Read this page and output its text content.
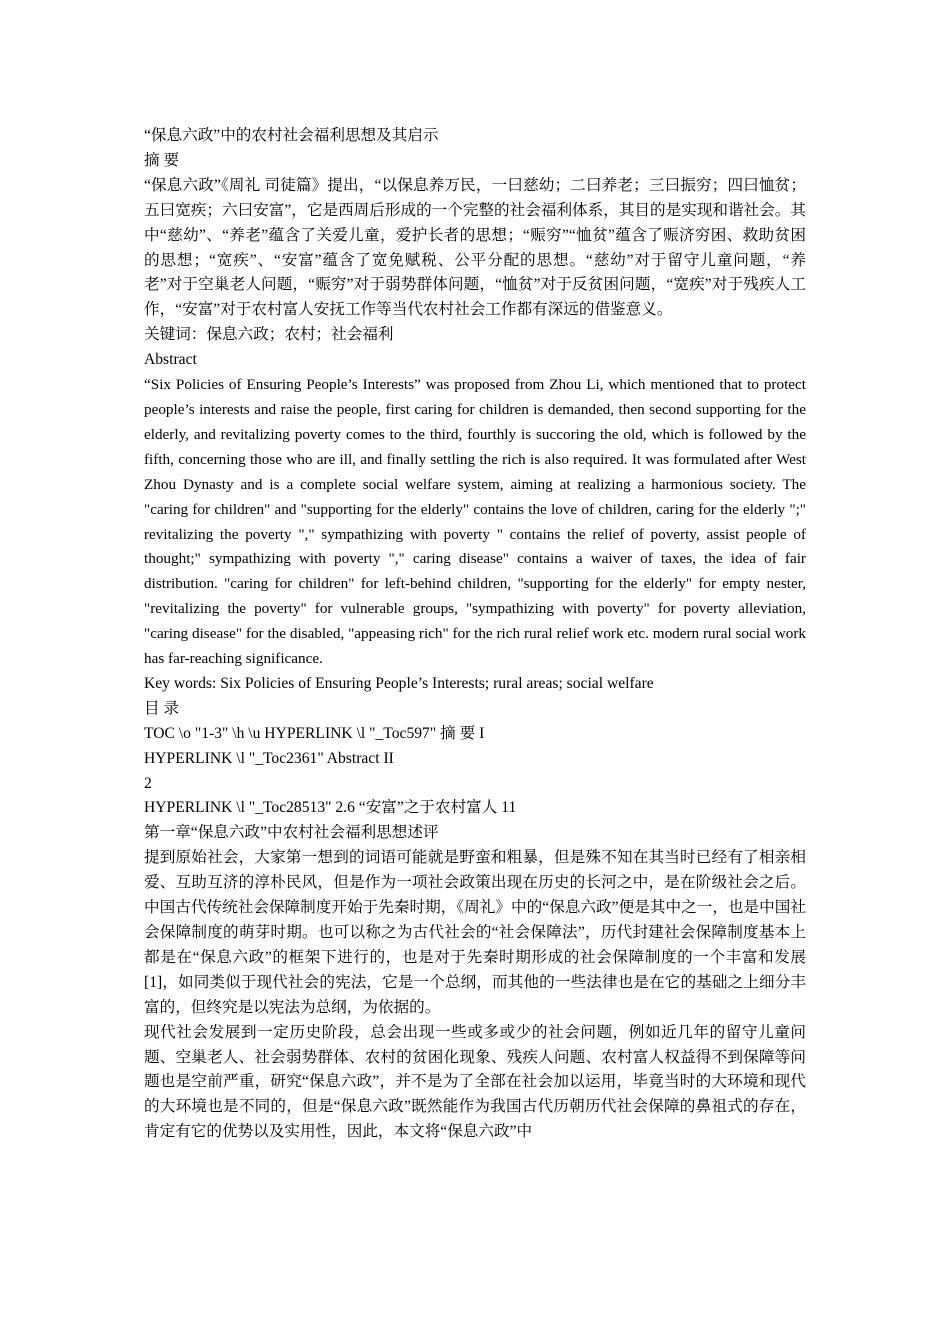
“保息六政”中的农村社会福利思想及其启示
摘 要
“保息六政”《周礼 司徒篇》提出，“以保息养万民，一曰慈幼；二曰养老；三曰振穷；四曰恤贫；五曰宽疾；六曰安富”，它是西周后形成的一个完整的社会福利体系，其目的是实现和谐社会。其中“慈幼”、“养老”蕴含了关爱儿童，爱护长者的思想；“赈穷”“恤贫”蕴含了赈济穷困、救助贫困的思想；“宽疾”、“安富”蕴含了宽免赋税、公平分配的思想。“慈幼”对于留守儿童问题，“养老”对于空巢老人问题，“赈穷”对于弱势群体问题，“恤贫”对于反贫困问题，“宽疾”对于残疾人工作，“安富”对于农村富人安抚工作等当代农村社会工作都有深远的借鉴意义。
关键词：保息六政；农村；社会福利
Abstract
“Six Policies of Ensuring People’s Interests” was proposed from Zhou Li, which mentioned that to protect people’s interests and raise the people, first caring for children is demanded, then second supporting for the elderly, and revitalizing poverty comes to the third, fourthly is succoring the old, which is followed by the fifth, concerning those who are ill, and finally settling the rich is also required. It was formulated after West Zhou Dynasty and is a complete social welfare system, aiming at realizing a harmonious society. The "caring for children" and "supporting for the elderly" contains the love of children, caring for the elderly ";" revitalizing the poverty "," sympathizing with poverty " contains the relief of poverty, assist people of thought;" sympathizing with poverty "," caring disease" contains a waiver of taxes, the idea of fair distribution. "caring for children" for left-behind children, "supporting for the elderly" for empty nester, "revitalizing the poverty" for vulnerable groups, "sympathizing with poverty" for poverty alleviation, "caring disease" for the disabled, "appeasing rich" for the rich rural relief work etc. modern rural social work has far-reaching significance.
Key words: Six Policies of Ensuring People’s Interests; rural areas; social welfare
目 录
TOC \o "1-3" \h \u HYPERLINK \l "_Toc597" 摘 要 I
HYPERLINK \l "_Toc2361" Abstract II
2
HYPERLINK \l "_Toc28513" 2.6 “安富”之于农村富人 11
第一章“保息六政”中农村社会福利思想述评
提到原始社会，大家第一想到的词语可能就是野蛮和粗暴，但是殊不知在其当时已经有了相亲相爱、互助互济的淳朴民风，但是作为一项社会政策出现在历史的长河之中，是在阶级社会之后。中国古代传统社会保障制度开始于先秦时期，《周礼》中的“保息六政”便是其中之一，也是中国社会保障制度的萌芽时期。也可以称之为古代社会的“社会保障法”，历代封建社会保障制度基本上都是在“保息六政”的框架下进行的，也是对于先秦时期形成的社会保障制度的一个丰富和发展[1]，如同类似于现代社会的宪法，它是一个总纲，而其他的一些法律也是在它的基础之上细分丰富的，但终究是以宪法为总纲，为依据的。
现代社会发展到一定历史阶段，总会出现一些或多或少的社会问题，例如近几年的留守儿童问题、空巢老人、社会弱势群体、农村的贫困化现象、残疾人问题、农村富人权益得不到保障等问题也是空前严重，研究“保息六政”，并不是为了全部在社会加以运用，毕竟当时的大环境和现代的大环境也是不同的，但是“保息六政”既然能作为我国古代历朝历代社会保障的鼻祖式的存在，肯定有它的优势以及实用性，因此，本文将“保息六政”中
